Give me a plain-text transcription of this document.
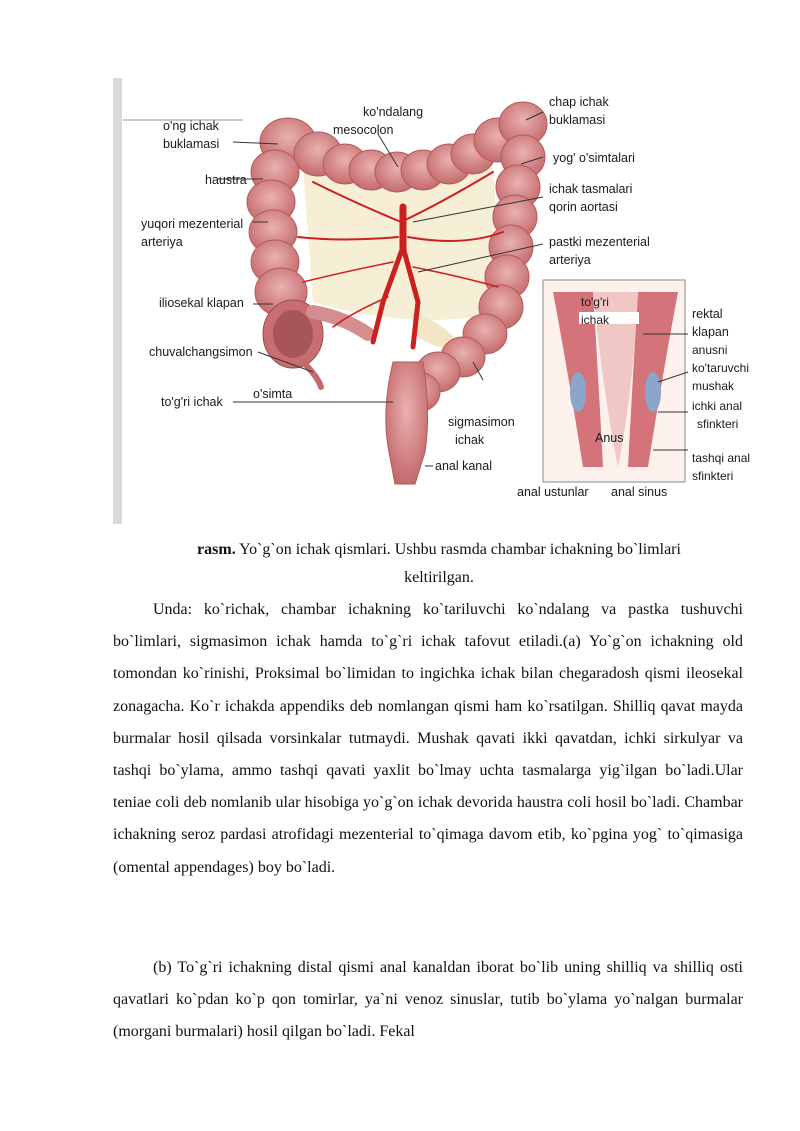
o'ng ichak
buklamasi
ko'ndalang
mesocolon
chap ichak
buklamasi
haustra
yog' o'simtalari
ichak tasmalari
qorin aortasi
yuqori mezenterial
arteriya	pastki mezenterial
arteriya
iliosekal klapan
chuvalchangsimon
to'g'ri ichak
o'simta
sigmasimon
ichak
anal kanal
to'g'ri
ichak
Anus
rektal
klapan
anusni
ko'taruvchi
mushak
ichki anal
sfinkteri
tashqi anal
sfinkteri
anal ustunlar anal sinus
rasm. Yo`g`on ichak qismlari. Ushbu rasmda chambar ichakning bo`limlari
keltirilgan.

Unda: ko`richak, chambar ichakning ko`tariluvchi ko`ndalang va pastka tushuvchi bo`limlari, sigmasimon ichak hamda to`g`ri ichak tafovut etiladi.(a) Yo`g`on ichakning old tomondan ko`rinishi, Proksimal bo`limidan to ingichka ichak bilan chegaradosh qismi ileosekal zonagacha. Ko`r ichakda appendiks deb nomlangan qismi ham ko`rsatilgan. Shilliq qavat mayda burmalar hosil qilsada vorsinkalar tutmaydi. Mushak qavati ikki qavatdan, ichki sirkulyar va tashqi bo`ylama, ammo tashqi qavati yaxlit bo`lmay uchta tasmalarga yig`ilgan bo`ladi.Ular teniae coli deb nomlanib ular hisobiga yo`g`on ichak devorida haustra coli hosil bo`ladi. Chambar ichakning seroz pardasi atrofidagi mezenterial to`qimaga davom etib, ko`pgina yog` to`qimasiga (omental appendages) boy bo`ladi.

(b) To`g`ri ichakning distal qismi anal kanaldan iborat bo`lib uning shilliq va shilliq osti qavatlari ko`pdan ko`p qon tomirlar, ya`ni venoz sinuslar, tutib bo`ylama yo`nalgan burmalar (morgani burmalari) hosil qilgan bo`ladi. Fekal
